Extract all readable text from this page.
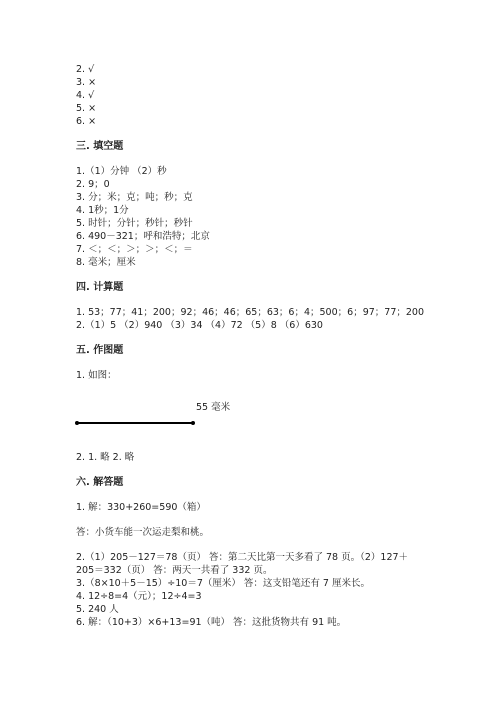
2. √
3. ×
4. √
5. ×
6. ×
三. 填空题
1.（1）分钟 （2）秒
2. 9；0
3. 分；米；克；吨；秒；克
4. 1秒；1分
5. 时针；分针；秒针；秒针
6. 490－321；呼和浩特；北京
7. ＜；＜；＞；＞；＜；＝
8. 毫米；厘米
四. 计算题
1. 53；77；41；200；92；46；46；65；63；6；4；500；6；97；77；200
2.（1）5 （2）940 （3）34 （4）72 （5）8 （6）630
五. 作图题
1. 如图：
55 毫米
2. 1. 略 2. 略
六. 解答题
1. 解：330+260=590（箱）
答：小货车能一次运走梨和桃。
2.（1）205－127＝78（页） 答：第二天比第一天多看了 78 页。（2）127＋
205＝332（页） 答：两天一共看了 332 页。
3.（8×10＋5－15）÷10＝7（厘米） 答：这支铅笔还有 7 厘米长。
4. 12÷8=4（元）；12÷4=3
5. 240 人
6. 解：（10+3）×6+13=91（吨） 答：这批货物共有 91 吨。
